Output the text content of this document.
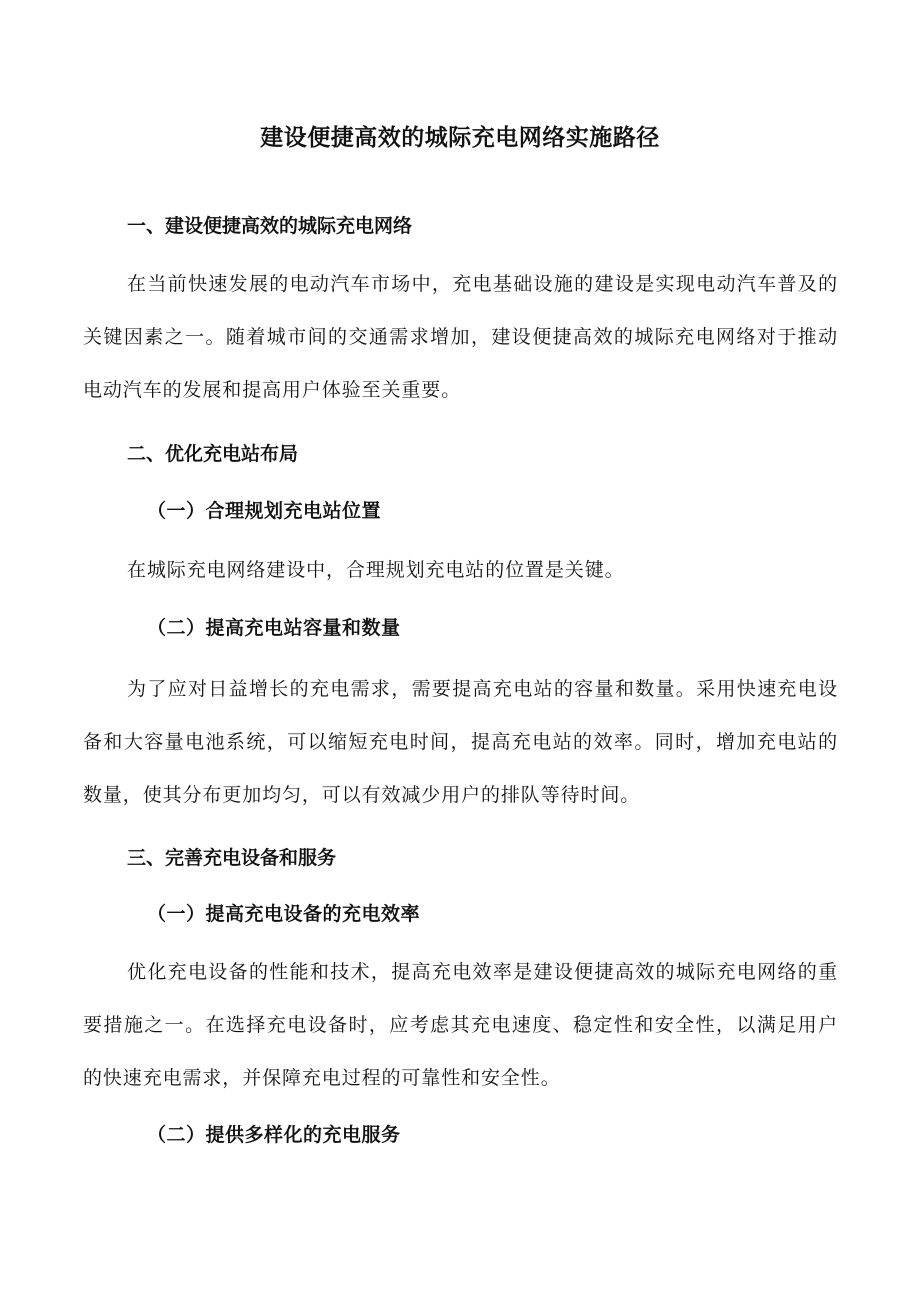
建设便捷高效的城际充电网络实施路径
一、建设便捷高效的城际充电网络

在当前快速发展的电动汽车市场中，充电基础设施的建设是实现电动汽车普及的关键因素之一。随着城市间的交通需求增加，建设便捷高效的城际充电网络对于推动电动汽车的发展和提高用户体验至关重要。

二、优化充电站布局
（一）合理规划充电站位置

在城际充电网络建设中，合理规划充电站的位置是关键。

（二）提高充电站容量和数量

为了应对日益增长的充电需求，需要提高充电站的容量和数量。采用快速充电设备和大容量电池系统，可以缩短充电时间，提高充电站的效率。同时，增加充电站的数量，使其分布更加均匀，可以有效减少用户的排队等待时间。

三、完善充电设备和服务
（一）提高充电设备的充电效率

优化充电设备的性能和技术，提高充电效率是建设便捷高效的城际充电网络的重要措施之一。在选择充电设备时，应考虑其充电速度、稳定性和安全性，以满足用户的快速充电需求，并保障充电过程的可靠性和安全性。

（二）提供多样化的充电服务
